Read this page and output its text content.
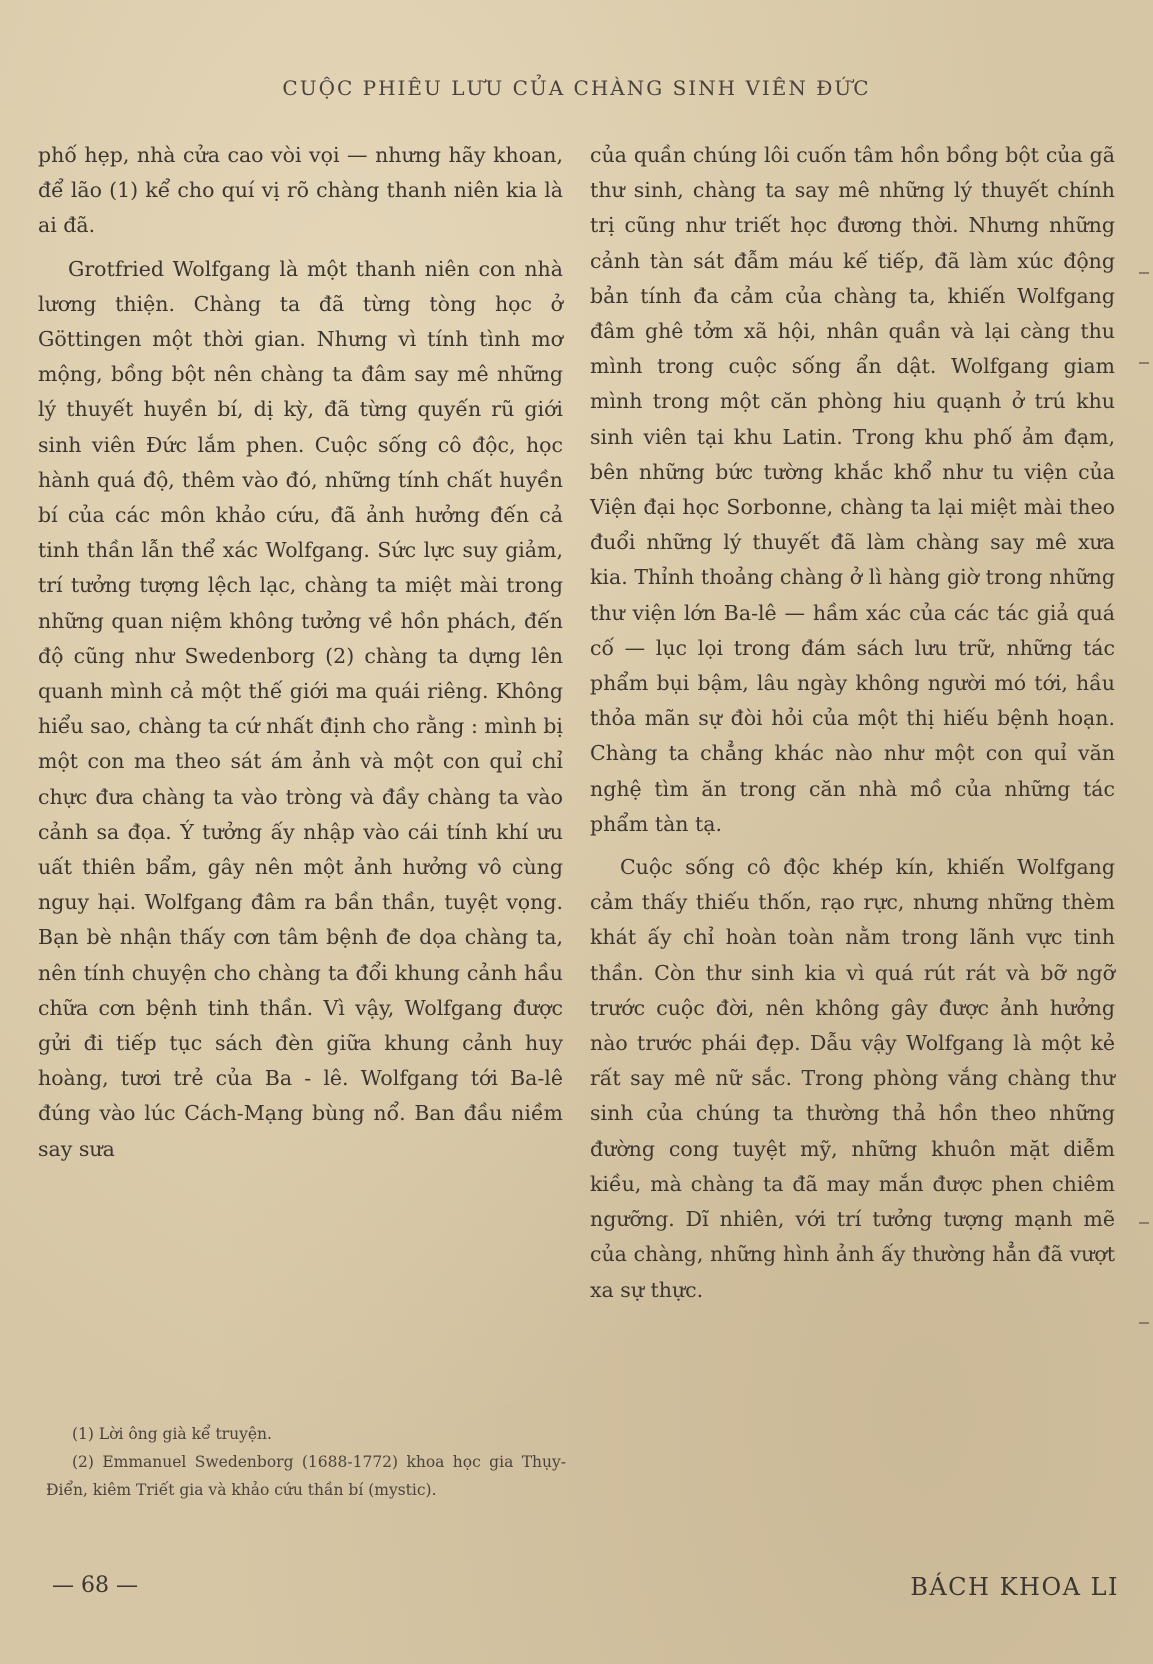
CUỘC PHIÊU LƯU CỦA CHÀNG SINH VIÊN ĐỨC

phố hẹp, nhà cửa cao vòi vọi — nhưng hãy khoan, để lão (1) kể cho quí vị rõ chàng thanh niên kia là ai đã.

Grotfried Wolfgang là một thanh niên con nhà lương thiện. Chàng ta đã từng tòng học ở Göttingen một thời gian. Nhưng vì tính tình mơ mộng, bồng bột nên chàng ta đâm say mê những lý thuyết huyền bí, dị kỳ, đã từng quyến rũ giới sinh viên Đức lắm phen. Cuộc sống cô độc, học hành quá độ, thêm vào đó, những tính chất huyền bí của các môn khảo cứu, đã ảnh hưởng đến cả tinh thần lẫn thể xác Wolfgang. Sức lực suy giảm, trí tưởng tượng lệch lạc, chàng ta miệt mài trong những quan niệm không tưởng về hồn phách, đến độ cũng như Swedenborg (2) chàng ta dựng lên quanh mình cả một thế giới ma quái riêng. Không hiểu sao, chàng ta cứ nhất định cho rằng : mình bị một con ma theo sát ám ảnh và một con quỉ chỉ chực đưa chàng ta vào tròng và đầy chàng ta vào cảnh sa đọa. Ý tưởng ấy nhập vào cái tính khí ưu uất thiên bẩm, gây nên một ảnh hưởng vô cùng nguy hại. Wolfgang đâm ra bần thần, tuyệt vọng. Bạn bè nhận thấy cơn tâm bệnh đe dọa chàng ta, nên tính chuyện cho chàng ta đổi khung cảnh hầu chữa cơn bệnh tinh thần. Vì vậy, Wolfgang được gửi đi tiếp tục sách đèn giữa khung cảnh huy hoàng, tươi trẻ của Ba - lê. Wolfgang tới Ba-lê đúng vào lúc Cách-Mạng bùng nổ. Ban đầu niềm say sưa

của quần chúng lôi cuốn tâm hồn bồng bột của gã thư sinh, chàng ta say mê những lý thuyết chính trị cũng như triết học đương thời. Nhưng những cảnh tàn sát đẫm máu kế tiếp, đã làm xúc động bản tính đa cảm của chàng ta, khiến Wolfgang đâm ghê tởm xã hội, nhân quần và lại càng thu mình trong cuộc sống ẩn dật. Wolfgang giam mình trong một căn phòng hiu quạnh ở trú khu sinh viên tại khu Latin. Trong khu phố ảm đạm, bên những bức tường khắc khổ như tu viện của Viện đại học Sorbonne, chàng ta lại miệt mài theo đuổi những lý thuyết đã làm chàng say mê xưa kia. Thỉnh thoảng chàng ở lì hàng giờ trong những thư viện lớn Ba-lê — hầm xác của các tác giả quá cố — lục lọi trong đám sách lưu trữ, những tác phẩm bụi bậm, lâu ngày không người mó tới, hầu thỏa mãn sự đòi hỏi của một thị hiếu bệnh hoạn. Chàng ta chẳng khác nào như một con quỉ văn nghệ tìm ăn trong căn nhà mồ của những tác phẩm tàn tạ.

Cuộc sống cô độc khép kín, khiến Wolfgang cảm thấy thiếu thốn, rạo rực, nhưng những thèm khát ấy chỉ hoàn toàn nằm trong lãnh vực tinh thần. Còn thư sinh kia vì quá rút rát và bỡ ngỡ trước cuộc đời, nên không gây được ảnh hưởng nào trước phái đẹp. Dẫu vậy Wolfgang là một kẻ rất say mê nữ sắc. Trong phòng vắng chàng thư sinh của chúng ta thường thả hồn theo những đường cong tuyệt mỹ, những khuôn mặt diễm kiều, mà chàng ta đã may mắn được phen chiêm ngưỡng. Dĩ nhiên, với trí tưởng tượng mạnh mẽ của chàng, những hình ảnh ấy thường hẳn đã vượt xa sự thực.

(1) Lời ông già kể truyện.

(2) Emmanuel Swedenborg (1688-1772) khoa học gia Thụy-Điển, kiêm Triết gia và khảo cứu thần bí (mystic).

— 68 —	BÁCH KHOA LI
